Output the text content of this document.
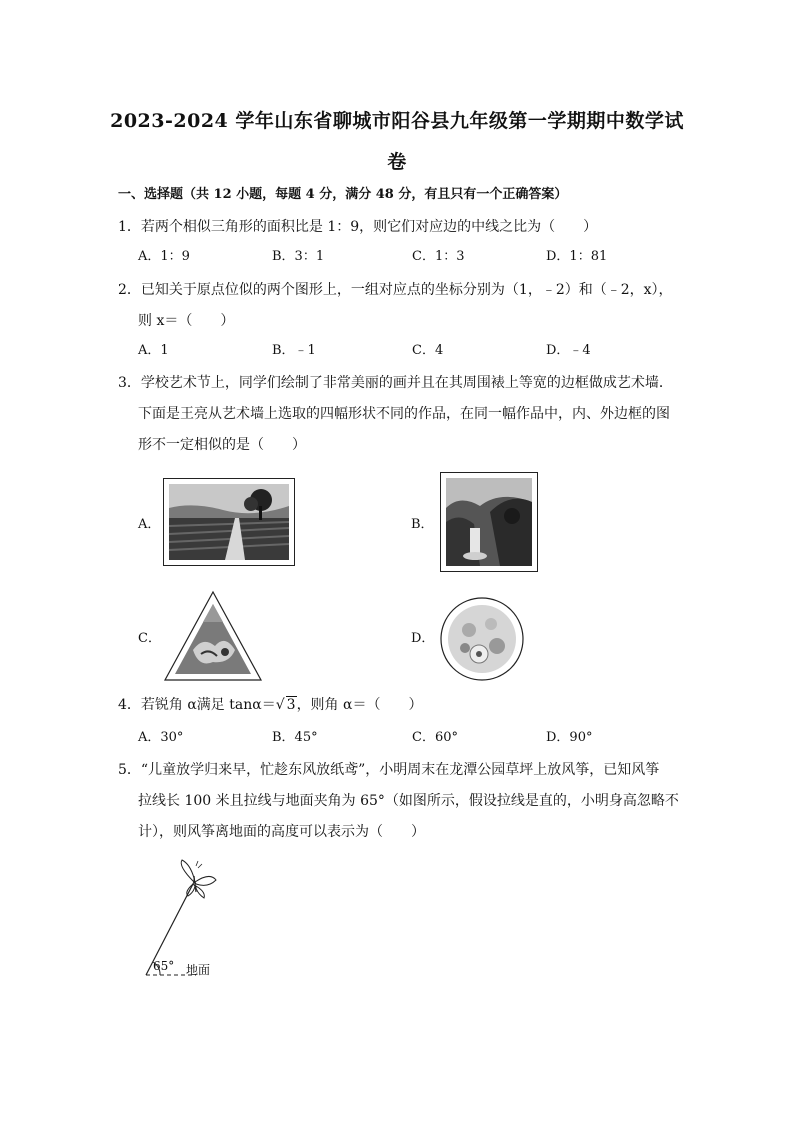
2023-2024 学年山东省聊城市阳谷县九年级第一学期期中数学试
卷
一、选择题（共 12 小题，每题 4 分，满分 48 分，有且只有一个正确答案）
1．若两个相似三角形的面积比是 1：9，则它们对应边的中线之比为（　　）
A．1：9	B．3：1	C．1：3	D．1：81
2．已知关于原点位似的两个图形上，一组对应点的坐标分别为（1，﹣2）和（﹣2，x），
则 x＝（　　）
A．1	B．﹣1	C．4	D．﹣4
3．学校艺术节上，同学们绘制了非常美丽的画并且在其周围裱上等宽的边框做成艺术墙．
下面是王亮从艺术墙上选取的四幅形状不同的作品，在同一幅作品中，内、外边框的图
形不一定相似的是（　　）
A．	B．
C．	D．
4．若锐角 α满足 tanα＝√ 3，则角 α＝（　　）
A．30°	B．45°	C．60°	D．90°
5．“儿童放学归来早，忙趁东风放纸鸢”，小明周末在龙潭公园草坪上放风筝，已知风筝
拉线长 100 米且拉线与地面夹角为 65°（如图所示，假设拉线是直的，小明身高忽略不
计），则风筝离地面的高度可以表示为（　　）
65° 地面
